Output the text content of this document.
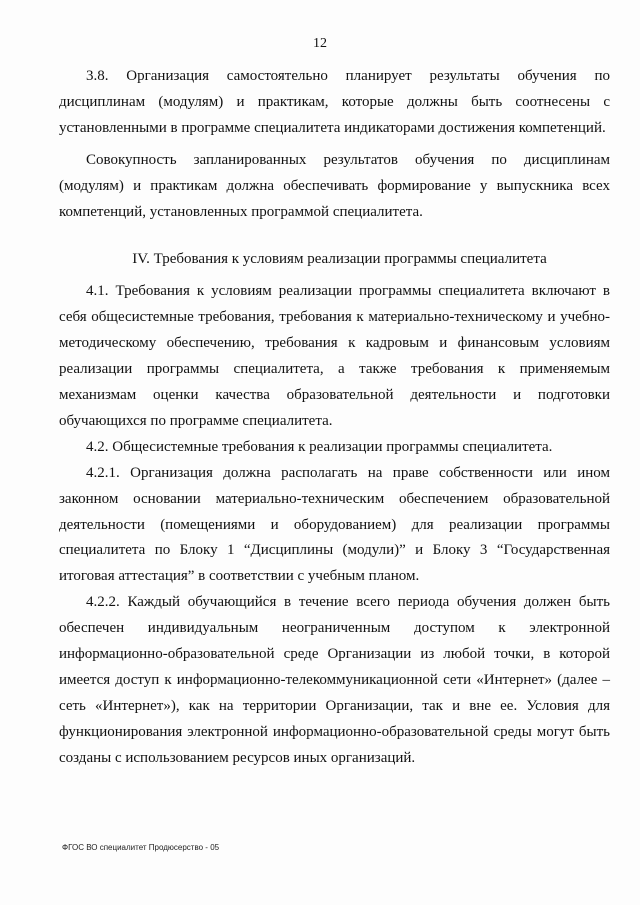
12

3.8. Организация самостоятельно планирует результаты обучения по дисциплинам (модулям) и практикам, которые должны быть соотнесены с установленными в программе специалитета индикаторами достижения компетенций.

Совокупность запланированных результатов обучения по дисциплинам (модулям) и практикам должна обеспечивать формирование у выпускника всех компетенций, установленных программой специалитета.

IV. Требования к условиям реализации программы специалитета

4.1. Требования к условиям реализации программы специалитета включают в себя общесистемные требования, требования к материально-техническому и учебно-методическому обеспечению, требования к кадровым и финансовым условиям реализации программы специалитета, а также требования к применяемым механизмам оценки качества образовательной деятельности и подготовки обучающихся по программе специалитета.

4.2. Общесистемные требования к реализации программы специалитета.

4.2.1. Организация должна располагать на праве собственности или ином законном основании материально-техническим обеспечением образовательной деятельности (помещениями и оборудованием) для реализации программы специалитета по Блоку 1 “Дисциплины (модули)” и Блоку 3 “Государственная итоговая аттестация” в соответствии с учебным планом.

4.2.2. Каждый обучающийся в течение всего периода обучения должен быть обеспечен индивидуальным неограниченным доступом к электронной информационно-образовательной среде Организации из любой точки, в которой имеется доступ к информационно-телекоммуникационной сети «Интернет» (далее – сеть «Интернет»), как на территории Организации, так и вне ее. Условия для функционирования электронной информационно-образовательной среды могут быть созданы с использованием ресурсов иных организаций.

ФГОС ВО специалитет Продюсерство - 05
